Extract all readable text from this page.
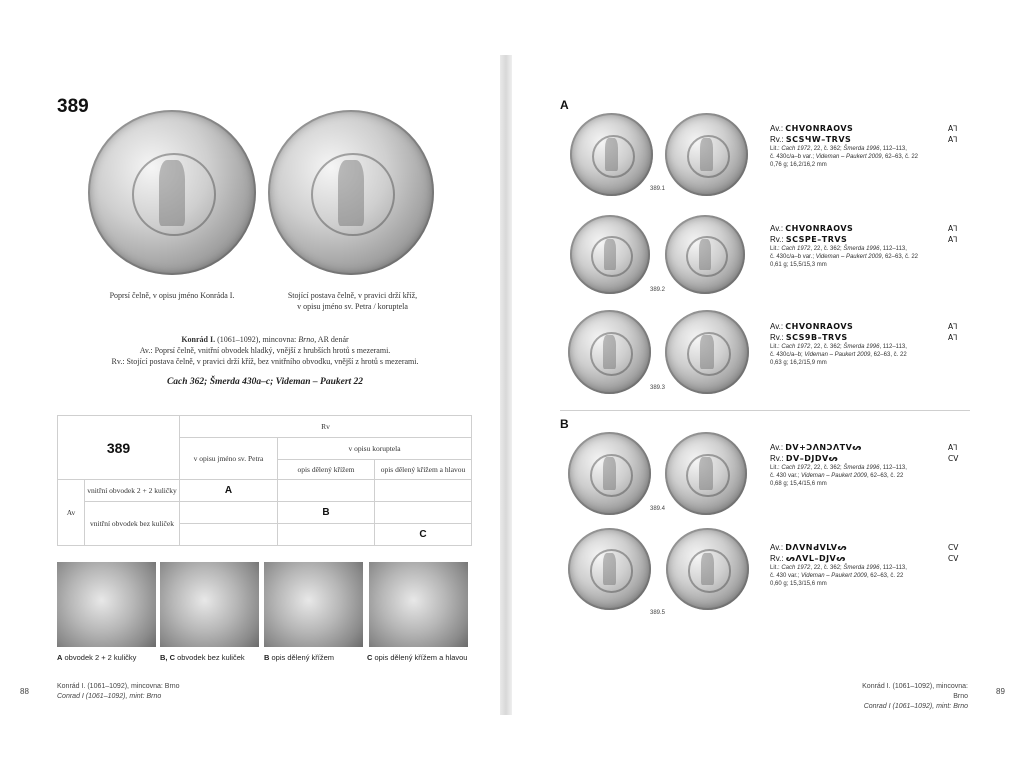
389
Poprsí čelně, v opisu jméno Konráda I.	Stojící postava čelně, v pravici drží kříž,
v opisu jméno sv. Petra / koruptela
Konrád I. (1061–1092), mincovna: Brno, AR denár
Av.: Poprsí čelně, vnitřní obvodek hladký, vnější z hrubších hrotů s mezerami.
Rv.: Stojící postava čelně, v pravici drží kříž, bez vnitřního obvodku, vnější z hrotů s mezerami.
Cach 362; Šmerda 430a–c; Videman – Paukert 22
389		Rv		
		v opisu jméno sv. Petra	v opisu koruptela	
			opis dělený křížem	opis dělený křížem a hlavou
Av	vnitřní obvodek 2 + 2 kuličky	A		
	vnitřní obvodek bez kuliček		B	
				C
A obvodek 2 + 2 kuličky	B, C obvodek bez kuliček	B opis dělený křížem	C opis dělený křížem a hlavou
88
Konrád I. (1061–1092), mincovna: Brno
Conrad I (1061–1092), mint: Brno
A
B
389.1
Av.: CHVONRAOVS
Rv.: SCSЧW–TRVS
Lit.: Cach 1972, 22, č. 362; Šmerda 1996, 112–113,
č. 430c/a–b var.; Videman – Paukert 2009, 62–63, č. 22
0,76 g; 16,2/16,2 mm
A⅂
A⅂
389.2
Av.: CHVONRAOVS
Rv.: SCSPE–TRVS
Lit.: Cach 1972, 22, č. 362; Šmerda 1996, 112–113,
č. 430c/a–b var.; Videman – Paukert 2009, 62–63, č. 22
0,61 g; 15,5/15,3 mm
A⅂
A⅂
389.3
Av.: CHVONRAOVS
Rv.: SCS9B–TRVS
Lit.: Cach 1972, 22, č. 362; Šmerda 1996, 112–113,
č. 430c/a–b; Videman – Paukert 2009, 62–63, č. 22
0,63 g; 16,2/15,9 mm
A⅂
A⅂
389.4
Av.: DV+ƆΛNƆΛTVᔕ
Rv.: DV–DJDVᔕ
Lit.: Cach 1972, 22, č. 362; Šmerda 1996, 112–113,
č. 430 var.; Videman – Paukert 2009, 62–63, č. 22
0,68 g; 15,4/15,6 mm
A⅂
CV
389.5
Av.: DΛVNԀVLVᔕ
Rv.: ᔕΛVL–DJVᔕ
Lit.: Cach 1972, 22, č. 362; Šmerda 1996, 112–113,
č. 430 var.; Videman – Paukert 2009, 62–63, č. 22
0,60 g; 15,3/15,6 mm
CV
CV
Konrád I. (1061–1092), mincovna: Brno
Conrad I (1061–1092), mint: Brno
89
